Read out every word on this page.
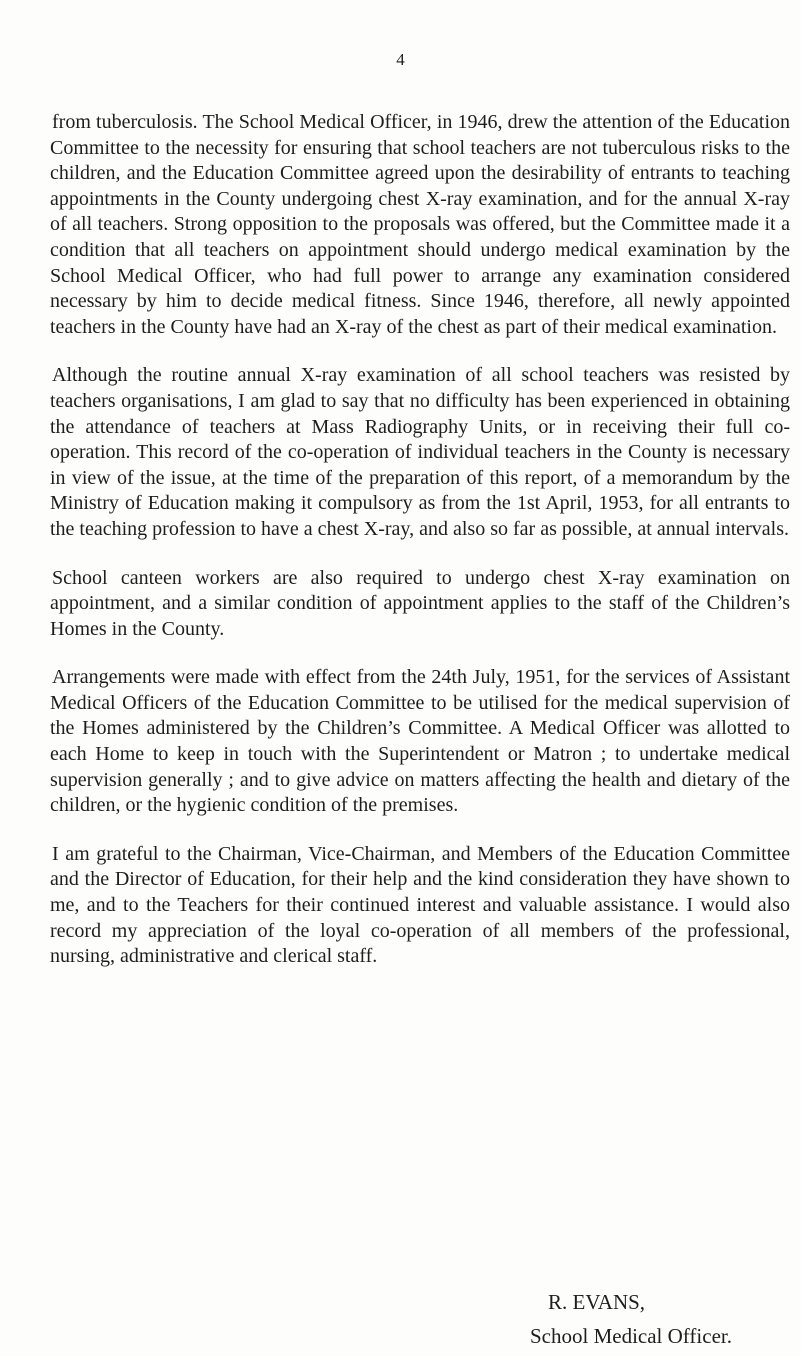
4

from tuberculosis. The School Medical Officer, in 1946, drew the attention of the Education Committee to the necessity for ensuring that school teachers are not tuberculous risks to the children, and the Education Committee agreed upon the desirability of entrants to teaching appointments in the County undergoing chest X-ray examination, and for the annual X-ray of all teachers. Strong opposition to the proposals was offered, but the Committee made it a condition that all teachers on appointment should undergo medical examination by the School Medical Officer, who had full power to arrange any examination considered necessary by him to decide medical fitness. Since 1946, therefore, all newly appointed teachers in the County have had an X-ray of the chest as part of their medical examination.

Although the routine annual X-ray examination of all school teachers was resisted by teachers organisations, I am glad to say that no difficulty has been experienced in obtaining the attendance of teachers at Mass Radiography Units, or in receiving their full co-operation. This record of the co-operation of individual teachers in the County is necessary in view of the issue, at the time of the preparation of this report, of a memorandum by the Ministry of Education making it compulsory as from the 1st April, 1953, for all entrants to the teaching profession to have a chest X-ray, and also so far as possible, at annual intervals.

School canteen workers are also required to undergo chest X-ray examination on appointment, and a similar condition of appointment applies to the staff of the Children’s Homes in the County.

Arrangements were made with effect from the 24th July, 1951, for the services of Assistant Medical Officers of the Education Committee to be utilised for the medical supervision of the Homes administered by the Children’s Committee. A Medical Officer was allotted to each Home to keep in touch with the Superintendent or Matron ; to undertake medical supervision generally ; and to give advice on matters affecting the health and dietary of the children, or the hygienic condition of the premises.

I am grateful to the Chairman, Vice-Chairman, and Members of the Education Committee and the Director of Education, for their help and the kind consideration they have shown to me, and to the Teachers for their continued interest and valuable assistance. I would also record my appreciation of the loyal co-operation of all members of the professional, nursing, administrative and clerical staff.

R. EVANS,
School Medical Officer.
